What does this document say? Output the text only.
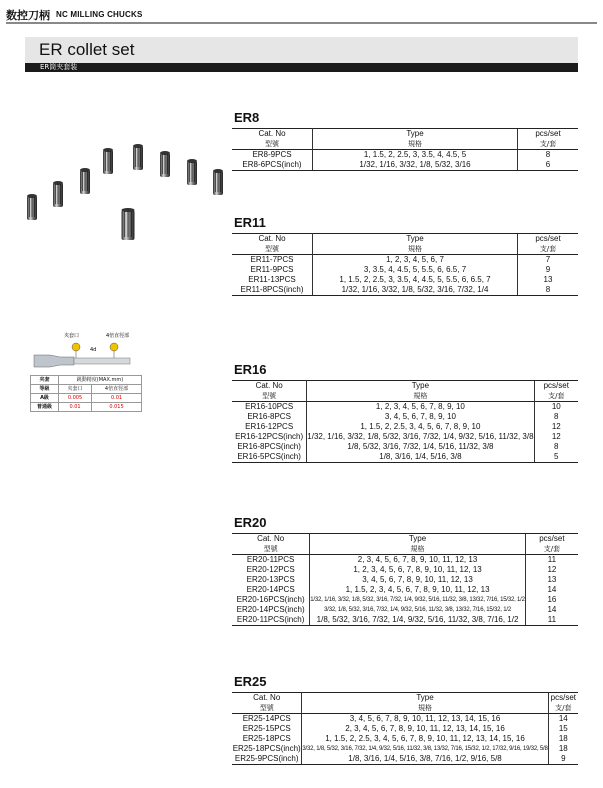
数控刀柄 NC MILLING CHUCKS
ER collet set
ER筒夹套装
夹套口	4倍直徑部
4d
夹套	跳動精度(MAX.mm)	
等級	夹套口	4倍直徑部
A級	0.005	0.01
普通級	0.01	0.015
ER8
Cat. No	Type	pcs/set
型號	規格	支/套
ER8-9PCS	1, 1.5, 2, 2.5, 3, 3.5, 4, 4.5, 5	8
ER8-6PCS(inch)	1/32, 1/16, 3/32, 1/8, 5/32, 3/16	6
ER11
Cat. No	Type	pcs/set
型號	規格	支/套
ER11-7PCS	1, 2, 3, 4, 5, 6, 7	7
ER11-9PCS	3, 3.5, 4, 4.5, 5, 5.5, 6, 6.5, 7	9
ER11-13PCS	1, 1.5, 2, 2.5, 3, 3.5, 4, 4.5, 5, 5.5, 6, 6.5, 7	13
ER11-8PCS(inch)	1/32, 1/16, 3/32, 1/8, 5/32, 3/16, 7/32, 1/4	8
ER16
Cat. No	Type	pcs/set
型號	規格	支/套
ER16-10PCS	1, 2, 3, 4, 5, 6, 7, 8, 9, 10	10
ER16-8PCS	3, 4, 5, 6, 7, 8, 9, 10	8
ER16-12PCS	1, 1.5, 2, 2.5, 3, 4, 5, 6, 7, 8, 9, 10	12
ER16-12PCS(inch)	1/32, 1/16, 3/32, 1/8, 5/32, 3/16, 7/32, 1/4, 9/32, 5/16, 11/32, 3/8	12
ER16-8PCS(inch)	1/8, 5/32, 3/16, 7/32, 1/4, 5/16, 11/32, 3/8	8
ER16-5PCS(inch)	1/8, 3/16, 1/4, 5/16, 3/8	5
ER20
Cat. No	Type	pcs/set
型號	規格	支/套
ER20-11PCS	2, 3, 4, 5, 6, 7, 8, 9, 10, 11, 12, 13	11
ER20-12PCS	1, 2, 3, 4, 5, 6, 7, 8, 9, 10, 11, 12, 13	12
ER20-13PCS	3, 4, 5, 6, 7, 8, 9, 10, 11, 12, 13	13
ER20-14PCS	1, 1.5, 2, 3, 4, 5, 6, 7, 8, 9, 10, 11, 12, 13	14
ER20-16PCS(inch)	1/32, 1/16, 3/32, 1/8, 5/32, 3/16, 7/32, 1/4, 9/32, 5/16, 11/32, 3/8, 13/32, 7/16, 15/32, 1/2	16
ER20-14PCS(inch)	3/32, 1/8, 5/32, 3/16, 7/32, 1/4, 9/32, 5/16, 11/32, 3/8, 13/32, 7/16, 15/32, 1/2	14
ER20-11PCS(inch)	1/8, 5/32, 3/16, 7/32, 1/4, 9/32, 5/16, 11/32, 3/8, 7/16, 1/2	11
ER25
Cat. No	Type	pcs/set
型號	規格	支/套
ER25-14PCS	3, 4, 5, 6, 7, 8, 9, 10, 11, 12, 13, 14, 15, 16	14
ER25-15PCS	2, 3, 4, 5, 6, 7, 8, 9, 10, 11, 12, 13, 14, 15, 16	15
ER25-18PCS	1, 1.5, 2, 2.5, 3, 4, 5, 6, 7, 8, 9, 10, 11, 12, 13, 14, 15, 16	18
ER25-18PCS(inch)	3/32, 1/8, 5/32, 3/16, 7/32, 1/4, 9/32, 5/16, 11/32, 3/8, 13/32, 7/16, 15/32, 1/2, 17/32, 9/16, 19/32, 5/8	18
ER25-9PCS(inch)	1/8, 3/16, 1/4, 5/16, 3/8, 7/16, 1/2, 9/16, 5/8	9
